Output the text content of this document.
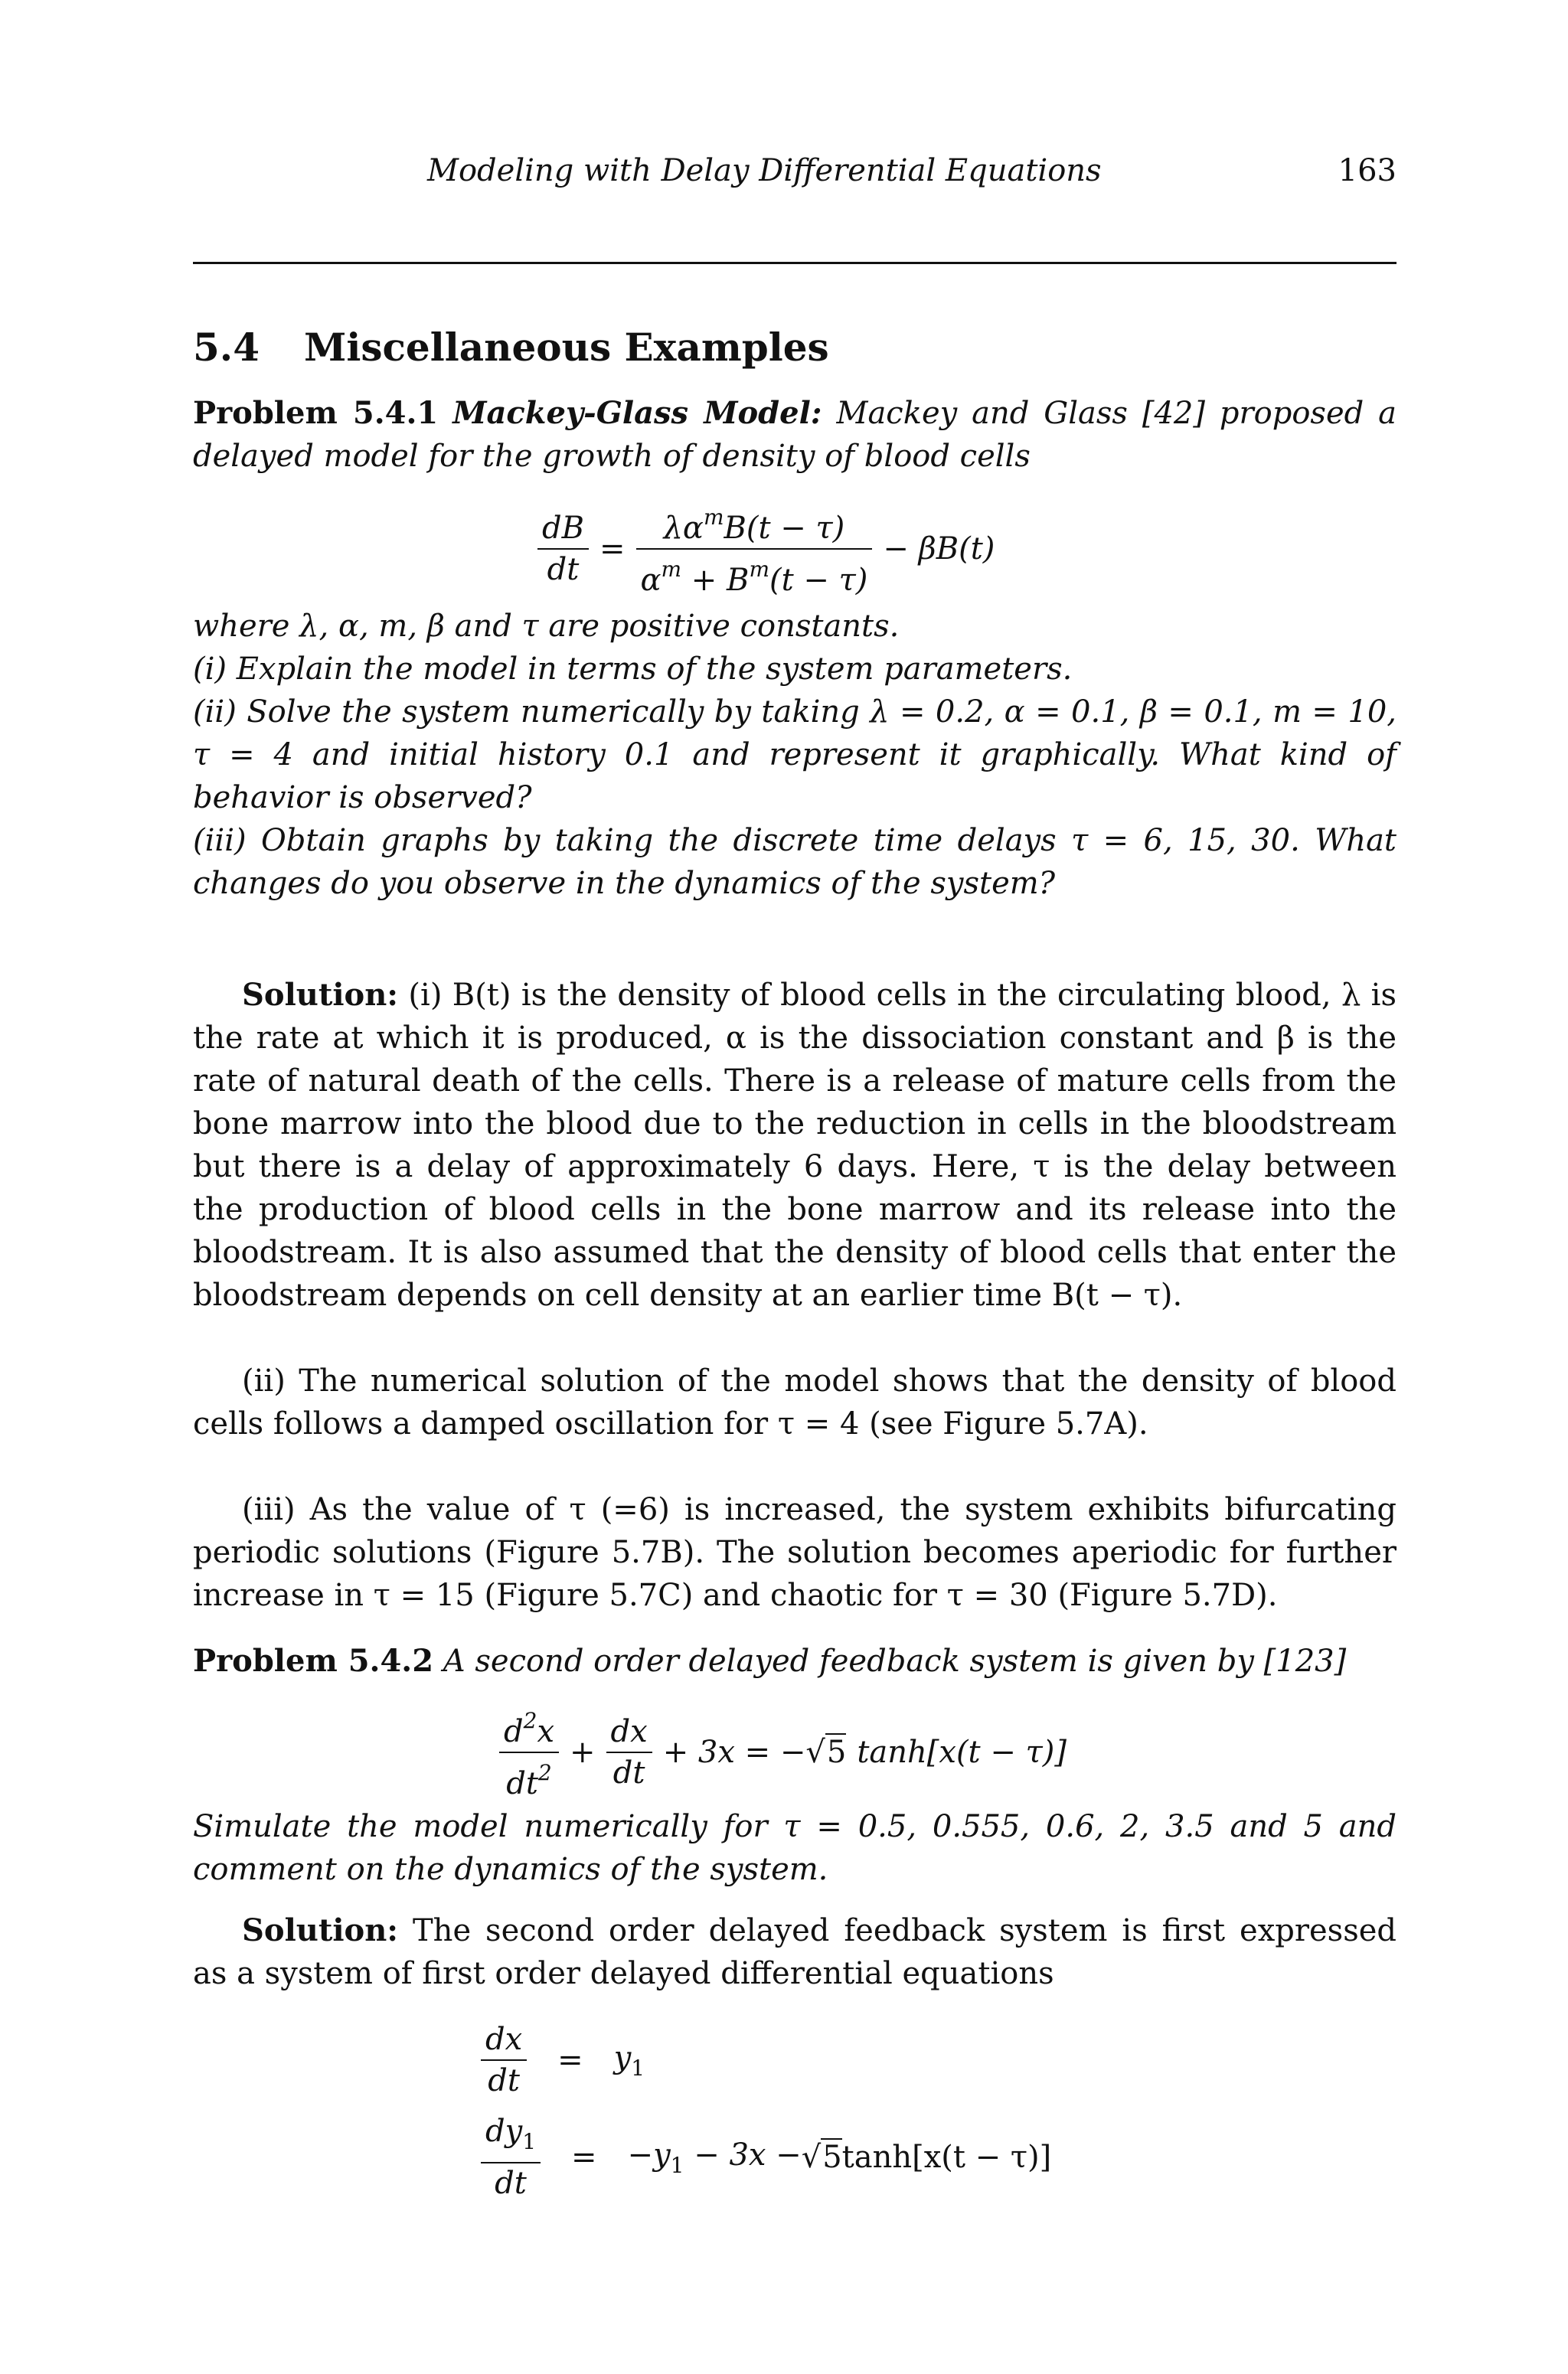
Modeling with Delay Differential Equations	163
5.4 Miscellaneous Examples
Problem 5.4.1 Mackey-Glass Model: Mackey and Glass [42] proposed a delayed model for the growth of density of blood cells
$\frac{dB}{dt} = \frac{\lambda\alpha^mB(t - \tau)}{\alpha^m + B^m(t - \tau)} - \beta B(t)$
where λ, α, m, β and τ are positive constants.
(i) Explain the model in terms of the system parameters.
(ii) Solve the system numerically by taking λ = 0.2, α = 0.1, β = 0.1, m = 10, τ = 4 and initial history 0.1 and represent it graphically. What kind of behavior is observed?
(iii) Obtain graphs by taking the discrete time delays τ = 6, 15, 30. What changes do you observe in the dynamics of the system?
Solution: (i) B(t) is the density of blood cells in the circulating blood, λ is the rate at which it is produced, α is the dissociation constant and β is the rate of natural death of the cells. There is a release of mature cells from the bone marrow into the blood due to the reduction in cells in the bloodstream but there is a delay of approximately 6 days. Here, τ is the delay between the production of blood cells in the bone marrow and its release into the bloodstream. It is also assumed that the density of blood cells that enter the bloodstream depends on cell density at an earlier time B(t − τ).
(ii) The numerical solution of the model shows that the density of blood cells follows a damped oscillation for τ = 4 (see Figure 5.7A).
(iii) As the value of τ (=6) is increased, the system exhibits bifurcating periodic solutions (Figure 5.7B). The solution becomes aperiodic for further increase in τ = 15 (Figure 5.7C) and chaotic for τ = 30 (Figure 5.7D).
Problem 5.4.2 A second order delayed feedback system is given by [123]
$\frac{d^2x}{dt^2} + \frac{dx}{dt} + 3x$ = − √5 tanh[x(t − τ)]
Simulate the model numerically for τ = 0.5, 0.555, 0.6, 2, 3.5 and 5 and comment on the dynamics of the system.
Solution: The second order delayed feedback system is first expressed as a system of first order delayed differential equations
$\frac{dx}{dt}$	=	$y_1$
$\frac{dy_1}{dt}$	=	$-y_1 - 3x - √5$ tanh[x(t − τ)]
